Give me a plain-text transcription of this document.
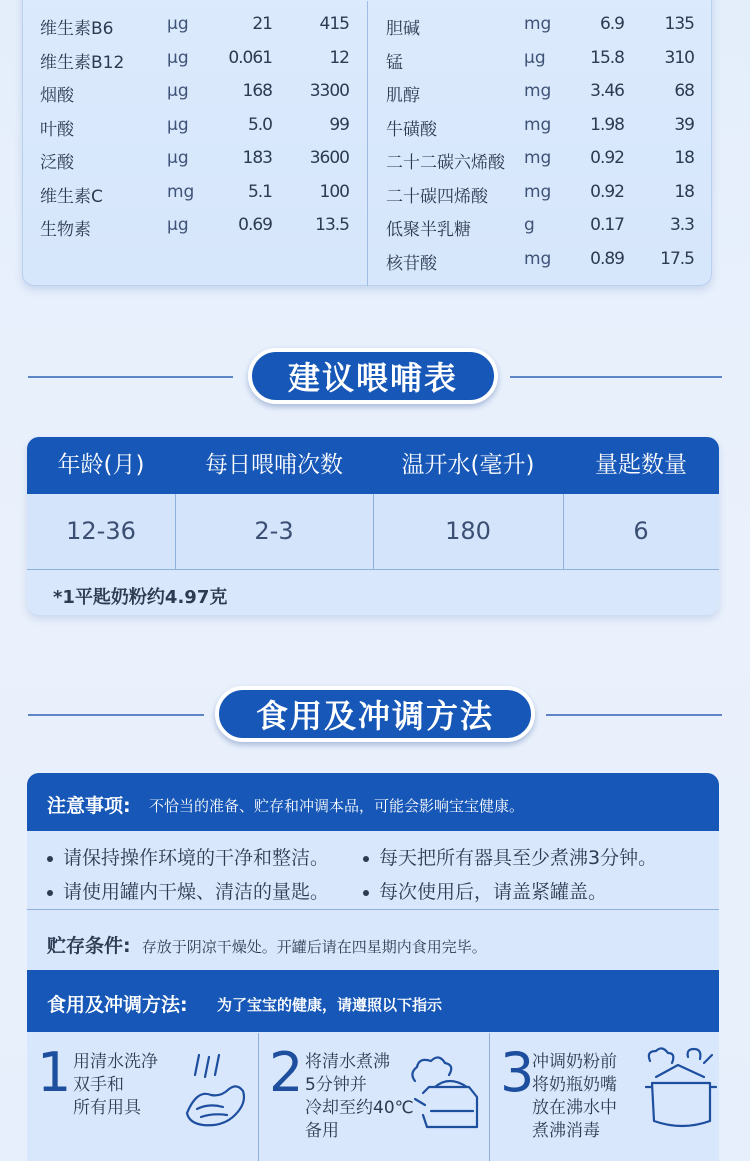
维生素B6	μg	21	415
维生素B12	μg 0.061	12
烟酸	μg	168 3300
叶酸	μg	5.0	99
泛酸	μg	183 3600
维生素C	mg	5.1	100
生物素	μg	0.69	13.5
胆碱	mg	6.9 135
锰	μg	15.8 310
肌醇	mg 3.46	68
牛磺酸	mg 1.98	39
二十二碳六烯酸 mg 0.92	18
二十碳四烯酸 mg 0.92	18
低聚半乳糖	g	0.17	3.3
核苷酸	mg 0.89 17.5
建议喂哺表
年龄(月)	每日喂哺次数	温开水(毫升)	量匙数量
12-36	2-3	180	6
*1平匙奶粉约4.97克
食用及冲调方法
注意事项: 不恰当的准备、贮存和冲调本品，可能会影响宝宝健康。
请保持操作环境的干净和整洁。	每天把所有器具至少煮沸3分钟。
请使用罐内干燥、清洁的量匙。	每次使用后，请盖紧罐盖。
贮存条件: 存放于阴凉干燥处。开罐后请在四星期内食用完毕。
食用及冲调方法: 为了宝宝的健康，请遵照以下指示
1 用清水洗净
双手和
所有用具
2 将清水煮沸
5分钟并
冷却至约40℃
备用
3
冲调奶粉前
将奶瓶奶嘴
放在沸水中
煮沸消毒
